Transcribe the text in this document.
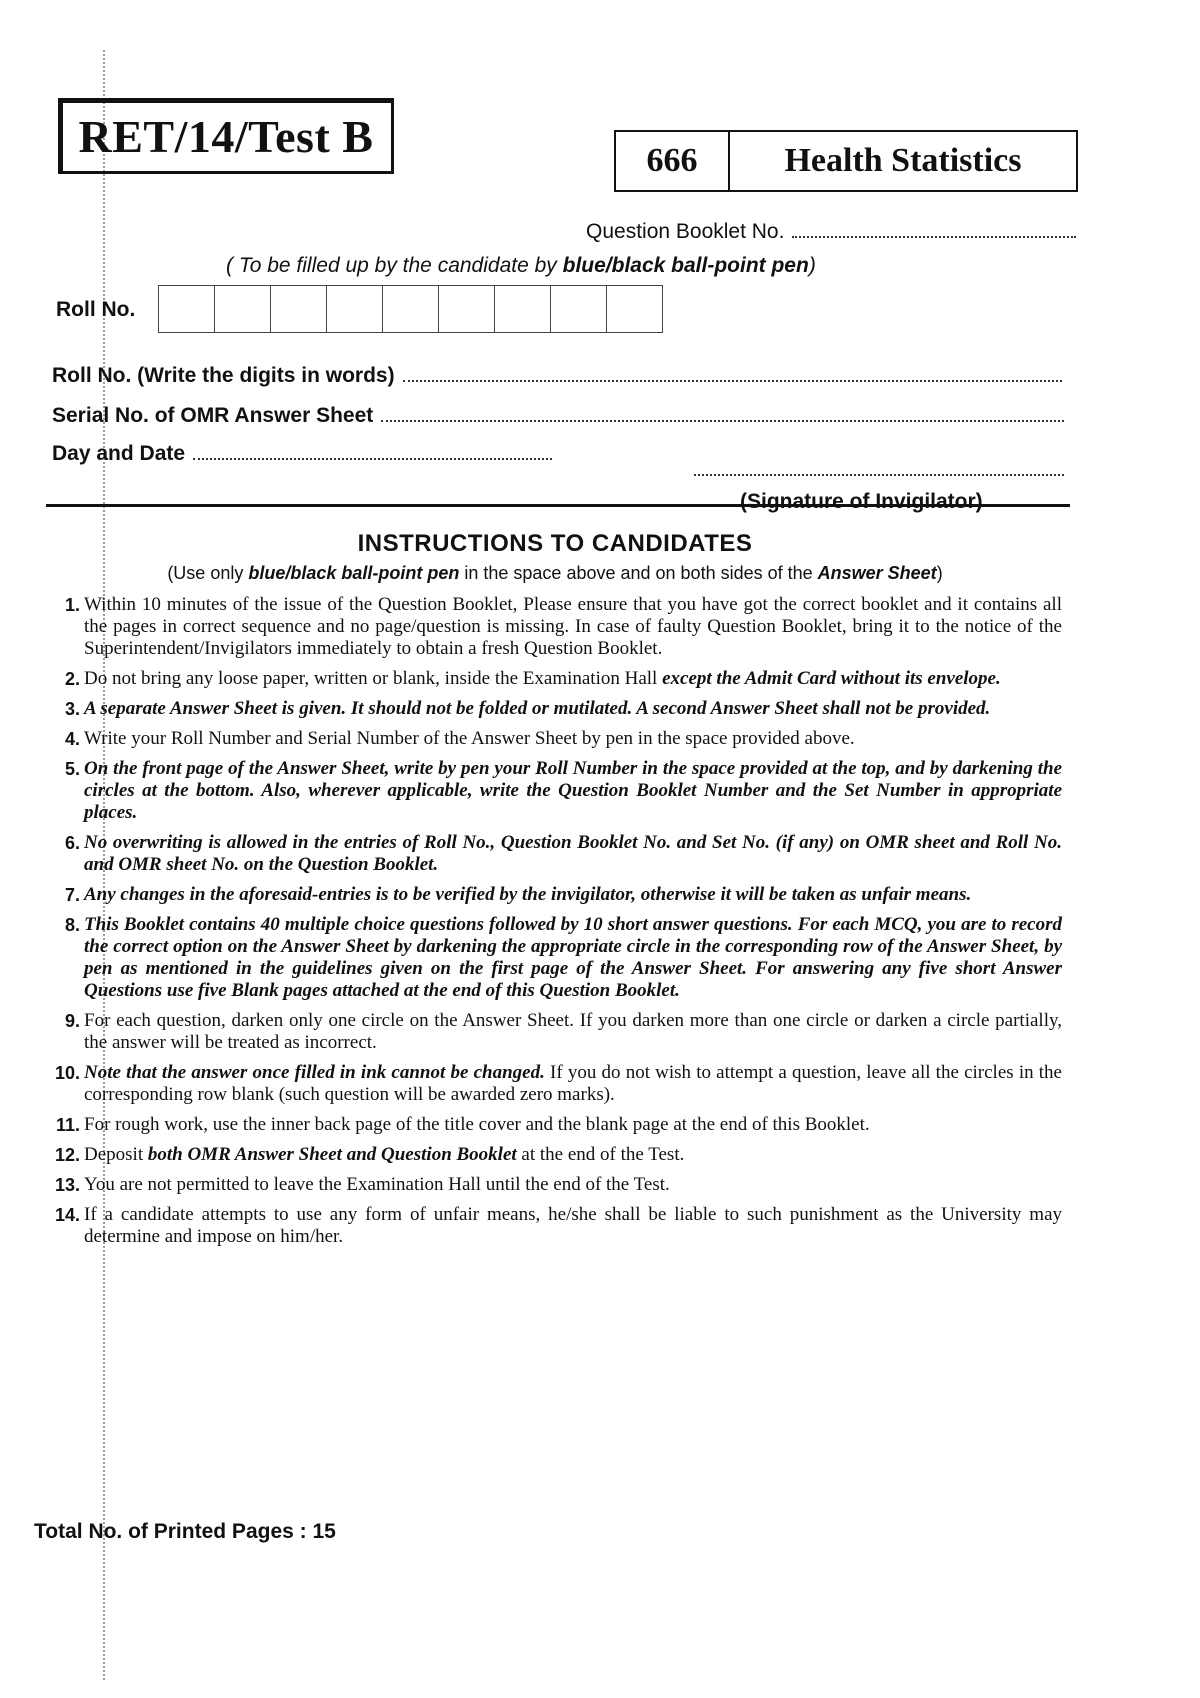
RET/14/Test B	666	Health Statistics
Question Booklet No.
( To be filled up by the candidate by blue/black ball-point pen)
Roll No.
Roll No. (Write the digits in words)
Serial No. of OMR Answer Sheet
Day and Date
(Signature of Invigilator)
INSTRUCTIONS TO CANDIDATES
(Use only blue/black ball-point pen in the space above and on both sides of the Answer Sheet)
1. Within 10 minutes of the issue of the Question Booklet, Please ensure that you have got the correct booklet and it contains all the pages in correct sequence and no page/question is missing. In case of faulty Question Booklet, bring it to the notice of the Superintendent/Invigilators immediately to obtain a fresh Question Booklet.
2. Do not bring any loose paper, written or blank, inside the Examination Hall except the Admit Card without its envelope.
3. A separate Answer Sheet is given. It should not be folded or mutilated. A second Answer Sheet shall not be provided.
4. Write your Roll Number and Serial Number of the Answer Sheet by pen in the space provided above.
5. On the front page of the Answer Sheet, write by pen your Roll Number in the space provided at the top, and by darkening the circles at the bottom. Also, wherever applicable, write the Question Booklet Number and the Set Number in appropriate places.
6. No overwriting is allowed in the entries of Roll No., Question Booklet No. and Set No. (if any) on OMR sheet and Roll No. and OMR sheet No. on the Question Booklet.
7. Any changes in the aforesaid-entries is to be verified by the invigilator, otherwise it will be taken as unfair means.
8. This Booklet contains 40 multiple choice questions followed by 10 short answer questions. For each MCQ, you are to record the correct option on the Answer Sheet by darkening the appropriate circle in the corresponding row of the Answer Sheet, by pen as mentioned in the guidelines given on the first page of the Answer Sheet. For answering any five short Answer Questions use five Blank pages attached at the end of this Question Booklet.
9. For each question, darken only one circle on the Answer Sheet. If you darken more than one circle or darken a circle partially, the answer will be treated as incorrect.
10. Note that the answer once filled in ink cannot be changed. If you do not wish to attempt a question, leave all the circles in the corresponding row blank (such question will be awarded zero marks).
11. For rough work, use the inner back page of the title cover and the blank page at the end of this Booklet.
12. Deposit both OMR Answer Sheet and Question Booklet at the end of the Test.
13. You are not permitted to leave the Examination Hall until the end of the Test.
14. If a candidate attempts to use any form of unfair means, he/she shall be liable to such punishment as the University may determine and impose on him/her.
Total No. of Printed Pages : 15
